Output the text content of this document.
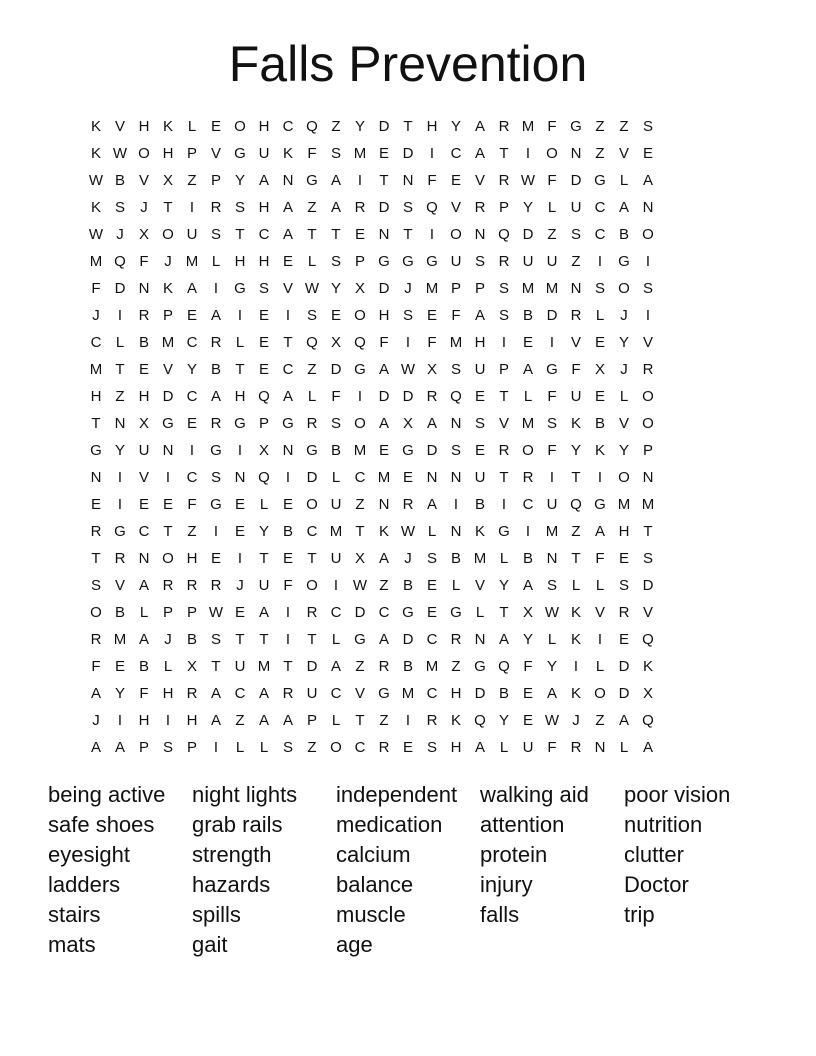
Falls Prevention
K V H K L E O H C Q Z Y D T H Y A R M F G Z Z S
K W O H P V G U K F S M E D	I	C A T	I	O N Z V E
W B V X Z P Y A N G A	I	T N F E V R W F D G L A
K S	J	T	I	R S H A Z A R D S Q V R P Y L U C A N
W J	X O U S T C A T T E N T	I	O N Q D Z S C B O
M Q F	J M L H H E L S P G G G U S R U U Z	I	G	I
F D N K A	I	G S V W Y X D J M P P S M M N S O S
J	I	R P E A	I	E	I	S E O H S E F A S B D R L	J	I
C L B M C R L E T Q X Q F	I	F M H	I	E	I	V E Y V
M T E V Y B T E C Z D G A W X S U P A G F X	J R
H Z H D C A H Q A L	F	I	D D R Q E T	L	F U E L O
T N X G E R G P G R S O A X A N S V M S K B V O
G Y U N	I	G	I	X N G B M E G D S E R O F Y K Y P
N	I	V	I	C S N Q	I	D L C M E N N U T R	I	T	I	O N
E	I	E E F G E L E O U Z N R A	I	B	I	C U Q G M M
R G C T Z	I	E Y B C M T K W L N K G	I	M Z A H T
T R N O H E	I	T E T U X A	J	S B M L B N T F E S
S V A R R R J U F O	I W Z B E L V Y A S L	L S D
O B L P P W E A	I	R C D C G E G L	T X W K V R V
R M A	J	B S T T	I	T	L G A D C R N A Y L K	I	E Q
F E B L X T U M T D A Z R B M Z G Q F Y	I	L D K
A Y F H R A C A R U C V G M C H D B E A K O D X
J	I	H	I	H A Z A A P L	T Z	I	R K Q Y E W J	Z A Q
A A P S P	I	L	L S Z O C R E S H A L U F R N L A
being active
safe shoes
eyesight
ladders
stairs
mats
night lights
grab rails
strength
hazards
spills
gait
independent
medication
calcium
balance
muscle
age
walking aid
attention
protein
injury
falls
poor vision
nutrition
clutter
Doctor
trip
